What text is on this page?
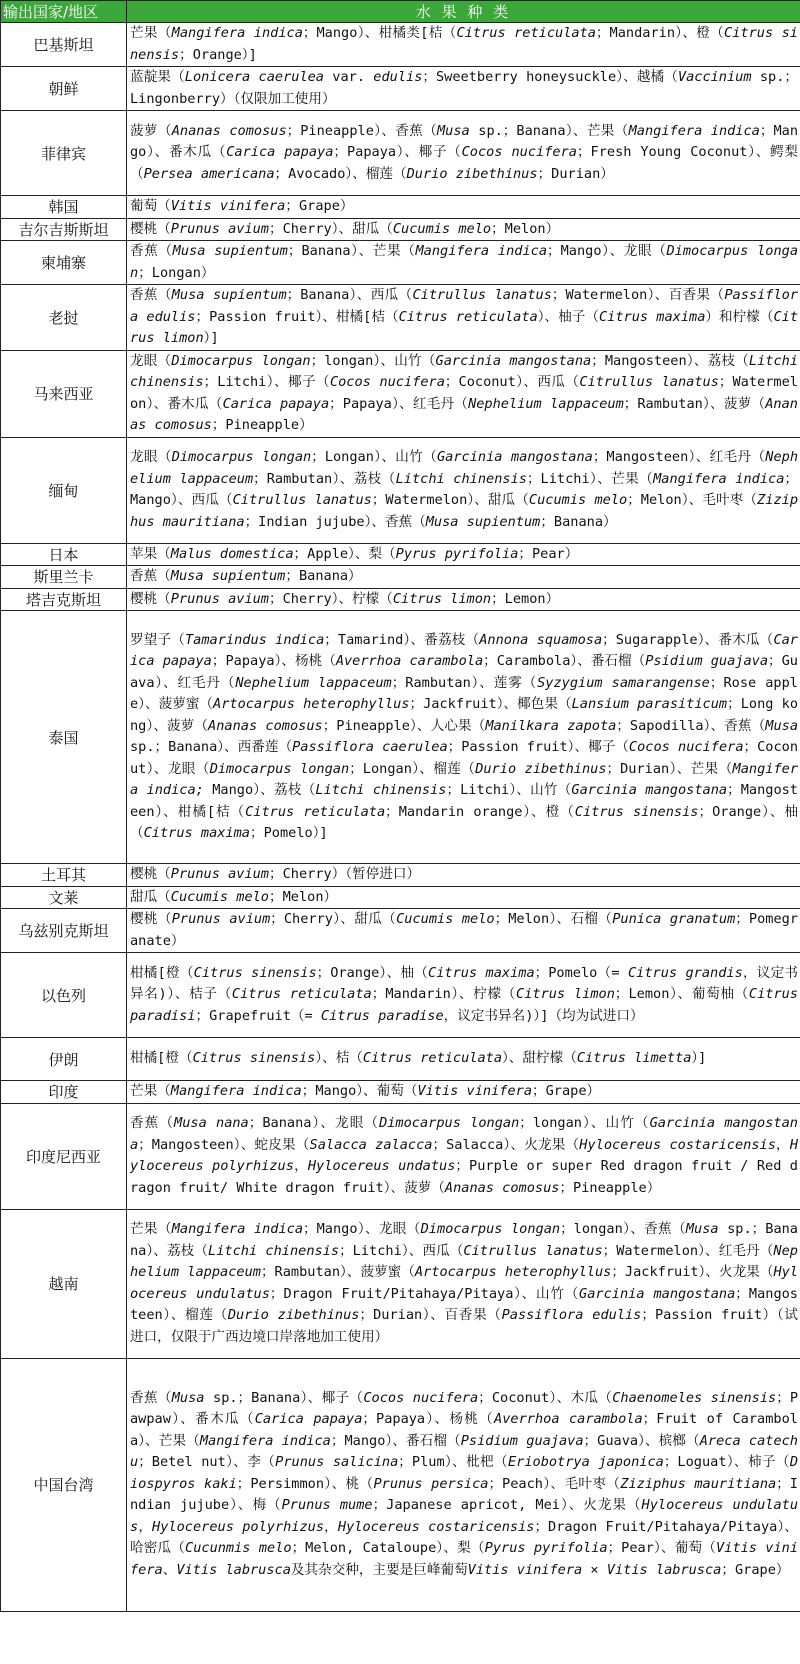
输出国家/地区	水 果 种 类
巴基斯坦	芒果（Mangifera indica；Mango）、柑橘类[桔（Citrus reticulata；Mandarin）、橙（Citrus sinensis；Orange）]
朝鲜	蓝靛果（Lonicera caerulea var. edulis；Sweetberry honeysuckle）、越橘（Vaccinium sp.；Lingonberry）（仅限加工使用）
菲律宾	菠萝（Ananas comosus；Pineapple）、香蕉（Musa sp.；Banana）、芒果（Mangifera indica；Mango）、番木瓜（Carica papaya；Papaya）、椰子（Cocos nucifera；Fresh Young Coconut）、鳄梨（Persea americana；Avocado）、榴莲（Durio zibethinus；Durian）
韩国	葡萄（Vitis vinifera；Grape）
吉尔吉斯斯坦	樱桃（Prunus avium；Cherry）、甜瓜（Cucumis melo；Melon）
柬埔寨	香蕉（Musa supientum；Banana）、芒果（Mangifera indica；Mango）、龙眼（Dimocarpus longan；Longan）
老挝	香蕉（Musa supientum；Banana）、西瓜（Citrullus lanatus；Watermelon）、百香果（Passiflora edulis；Passion fruit）、柑橘[桔（Citrus reticulata）、柚子（Citrus maxima）和柠檬（Citrus limon）]
马来西亚	龙眼（Dimocarpus longan；longan）、山竹（Garcinia mangostana；Mangosteen）、荔枝（Litchi chinensis；Litchi）、椰子（Cocos nucifera；Coconut）、西瓜（Citrullus lanatus；Watermelon）、番木瓜（Carica papaya；Papaya）、红毛丹（Nephelium lappaceum；Rambutan）、菠萝（Ananas comosus；Pineapple）
缅甸	龙眼（Dimocarpus longan；Longan）、山竹（Garcinia mangostana；Mangosteen）、红毛丹（Nephelium lappaceum；Rambutan）、荔枝（Litchi chinensis；Litchi）、芒果（Mangifera indica；Mango）、西瓜（Citrullus lanatus；Watermelon）、甜瓜（Cucumis melo；Melon）、毛叶枣（Ziziphus mauritiana；Indian jujube）、香蕉（Musa supientum；Banana）
日本	苹果（Malus domestica；Apple）、梨（Pyrus pyrifolia；Pear）
斯里兰卡	香蕉（Musa supientum；Banana）
塔吉克斯坦	樱桃（Prunus avium；Cherry）、柠檬（Citrus limon；Lemon）
泰国	罗望子（Tamarindus indica；Tamarind）、番荔枝（Annona squamosa；Sugarapple）、番木瓜（Carica papaya；Papaya）、杨桃（Averrhoa carambola；Carambola）、番石榴（Psidium guajava；Guava）、红毛丹（Nephelium lappaceum；Rambutan）、莲雾（Syzygium samarangense；Rose apple）、菠萝蜜（Artocarpus heterophyllus；Jackfruit）、椰色果（Lansium parasiticum；Long kong）、菠萝（Ananas comosus；Pineapple）、人心果（Manilkara zapota；Sapodilla）、香蕉（Musa sp.；Banana）、西番莲（Passiflora caerulea；Passion fruit）、椰子（Cocos nucifera；Coconut）、龙眼（Dimocarpus longan；Longan）、榴莲（Durio zibethinus；Durian）、芒果（Mangifera indica; Mango）、荔枝（Litchi chinensis；Litchi）、山竹（Garcinia mangostana；Mangosteen）、柑橘[桔（Citrus reticulata；Mandarin orange）、橙（Citrus sinensis；Orange）、柚（Citrus maxima；Pomelo）]
土耳其	樱桃（Prunus avium；Cherry）（暂停进口）
文莱	甜瓜（Cucumis melo；Melon）
乌兹别克斯坦	樱桃（Prunus avium；Cherry）、甜瓜（Cucumis melo；Melon）、石榴（Punica granatum；Pomegranate）
以色列	柑橘[橙（Citrus sinensis；Orange）、柚（Citrus maxima；Pomelo（= Citrus grandis，议定书异名)）、桔子（Citrus reticulata；Mandarin）、柠檬（Citrus limon；Lemon）、葡萄柚（Citrus paradisi；Grapefruit（= Citrus paradise，议定书异名)）]（均为试进口）
伊朗	柑橘[橙（Citrus sinensis）、桔（Citrus reticulata）、甜柠檬（Citrus limetta）]
印度	芒果（Mangifera indica；Mango）、葡萄（Vitis vinifera；Grape）
印度尼西亚	香蕉（Musa nana；Banana）、龙眼（Dimocarpus longan；longan）、山竹（Garcinia mangostana；Mangosteen）、蛇皮果（Salacca zalacca；Salacca）、火龙果（Hylocereus costaricensis，Hylocereus polyrhizus，Hylocereus undatus；Purple or super Red dragon fruit / Red dragon fruit/ White dragon fruit）、菠萝（Ananas comosus；Pineapple）
越南	芒果（Mangifera indica；Mango）、龙眼（Dimocarpus longan；longan）、香蕉（Musa sp.；Banana）、荔枝（Litchi chinensis；Litchi）、西瓜（Citrullus lanatus；Watermelon）、红毛丹（Nephelium lappaceum；Rambutan）、菠萝蜜（Artocarpus heterophyllus；Jackfruit）、火龙果（Hylocereus undulatus；Dragon Fruit/Pitahaya/Pitaya）、山竹（Garcinia mangostana；Mangosteen）、榴莲（Durio zibethinus；Durian）、百香果（Passiflora edulis；Passion fruit）（试进口，仅限于广西边境口岸落地加工使用）
中国台湾	香蕉（Musa sp.；Banana）、椰子（Cocos nucifera；Coconut）、木瓜（Chaenomeles sinensis；Pawpaw）、番木瓜（Carica papaya；Papaya）、杨桃（Averrhoa carambola；Fruit of Carambola）、芒果（Mangifera indica；Mango）、番石榴（Psidium guajava；Guava）、槟榔（Areca catechu；Betel nut）、李（Prunus salicina；Plum）、枇杷（Eriobotrya japonica；Loguat）、柿子（Diospyros kaki；Persimmon）、桃（Prunus persica；Peach）、毛叶枣（Ziziphus mauritiana；Indian jujube）、梅（Prunus mume；Japanese apricot, Mei）、火龙果（Hylocereus undulatus，Hylocereus polyrhizus，Hylocereus costaricensis；Dragon Fruit/Pitahaya/Pitaya）、哈密瓜（Cucunmis melo；Melon, Cataloupe）、梨（Pyrus pyrifolia；Pear）、葡萄（Vitis vinifera、Vitis labrusca及其杂交种，主要是巨峰葡萄Vitis vinifera × Vitis labrusca；Grape）
